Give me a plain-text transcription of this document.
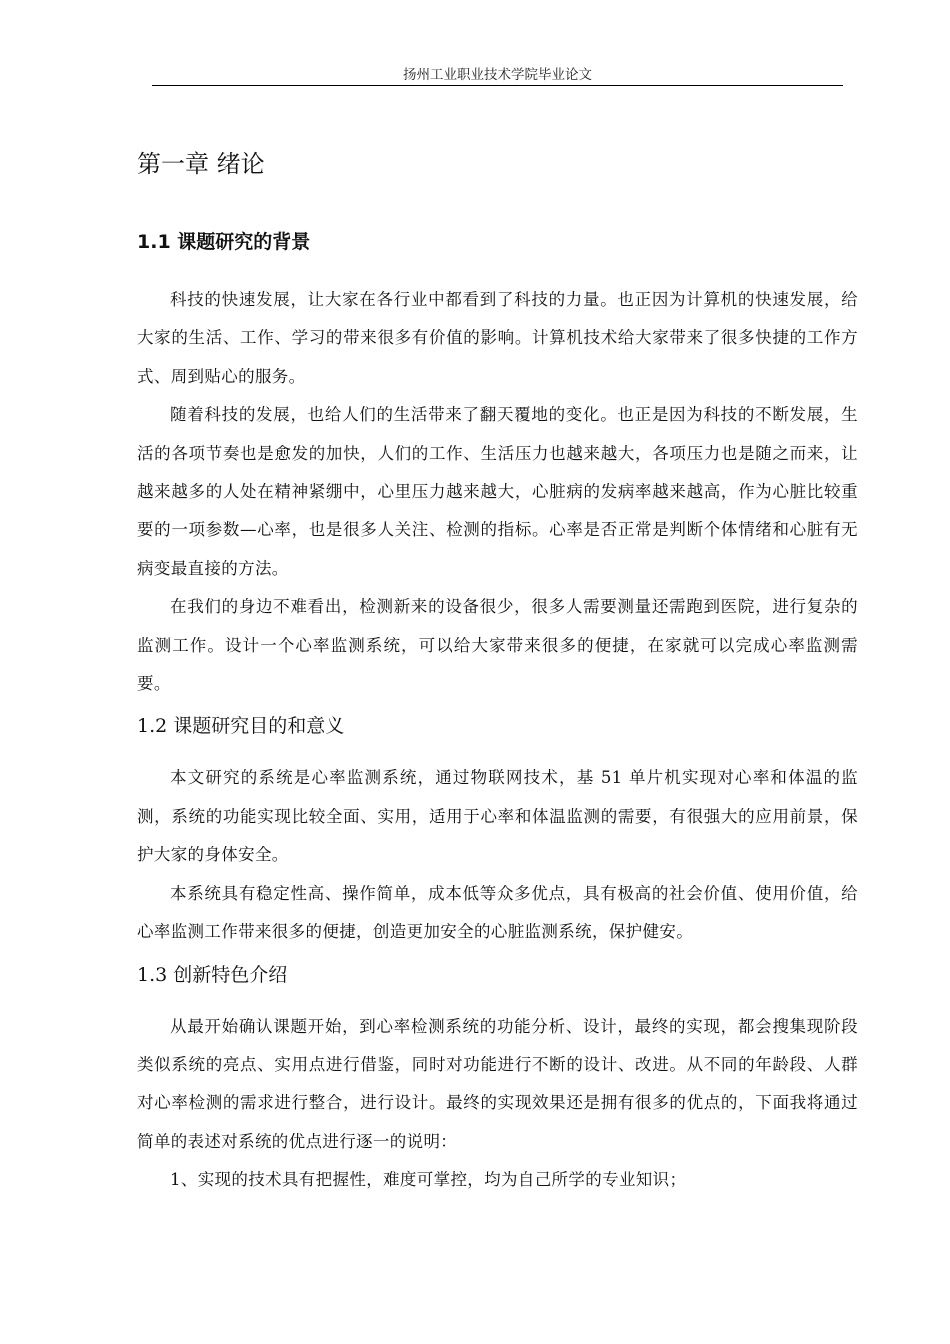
扬州工业职业技术学院毕业论文
第一章 绪论
1.1 课题研究的背景

科技的快速发展，让大家在各行业中都看到了科技的力量。也正因为计算机的快速发展，给大家的生活、工作、学习的带来很多有价值的影响。计算机技术给大家带来了很多快捷的工作方式、周到贴心的服务。

随着科技的发展，也给人们的生活带来了翻天覆地的变化。也正是因为科技的不断发展，生活的各项节奏也是愈发的加快，人们的工作、生活压力也越来越大，各项压力也是随之而来，让越来越多的人处在精神紧绷中，心里压力越来越大，心脏病的发病率越来越高，作为心脏比较重要的一项参数—心率，也是很多人关注、检测的指标。心率是否正常是判断个体情绪和心脏有无病变最直接的方法。

在我们的身边不难看出，检测新来的设备很少，很多人需要测量还需跑到医院，进行复杂的监测工作。设计一个心率监测系统，可以给大家带来很多的便捷，在家就可以完成心率监测需要。

1.2 课题研究目的和意义

本文研究的系统是心率监测系统，通过物联网技术，基 51 单片机实现对心率和体温的监测，系统的功能实现比较全面、实用，适用于心率和体温监测的需要，有很强大的应用前景，保护大家的身体安全。

本系统具有稳定性高、操作简单，成本低等众多优点，具有极高的社会价值、使用价值，给心率监测工作带来很多的便捷，创造更加安全的心脏监测系统，保护健安。

1.3 创新特色介绍

从最开始确认课题开始，到心率检测系统的功能分析、设计，最终的实现，都会搜集现阶段类似系统的亮点、实用点进行借鉴，同时对功能进行不断的设计、改进。从不同的年龄段、人群对心率检测的需求进行整合，进行设计。最终的实现效果还是拥有很多的优点的，下面我将通过简单的表述对系统的优点进行逐一的说明：

1、实现的技术具有把握性，难度可掌控，均为自己所学的专业知识；
